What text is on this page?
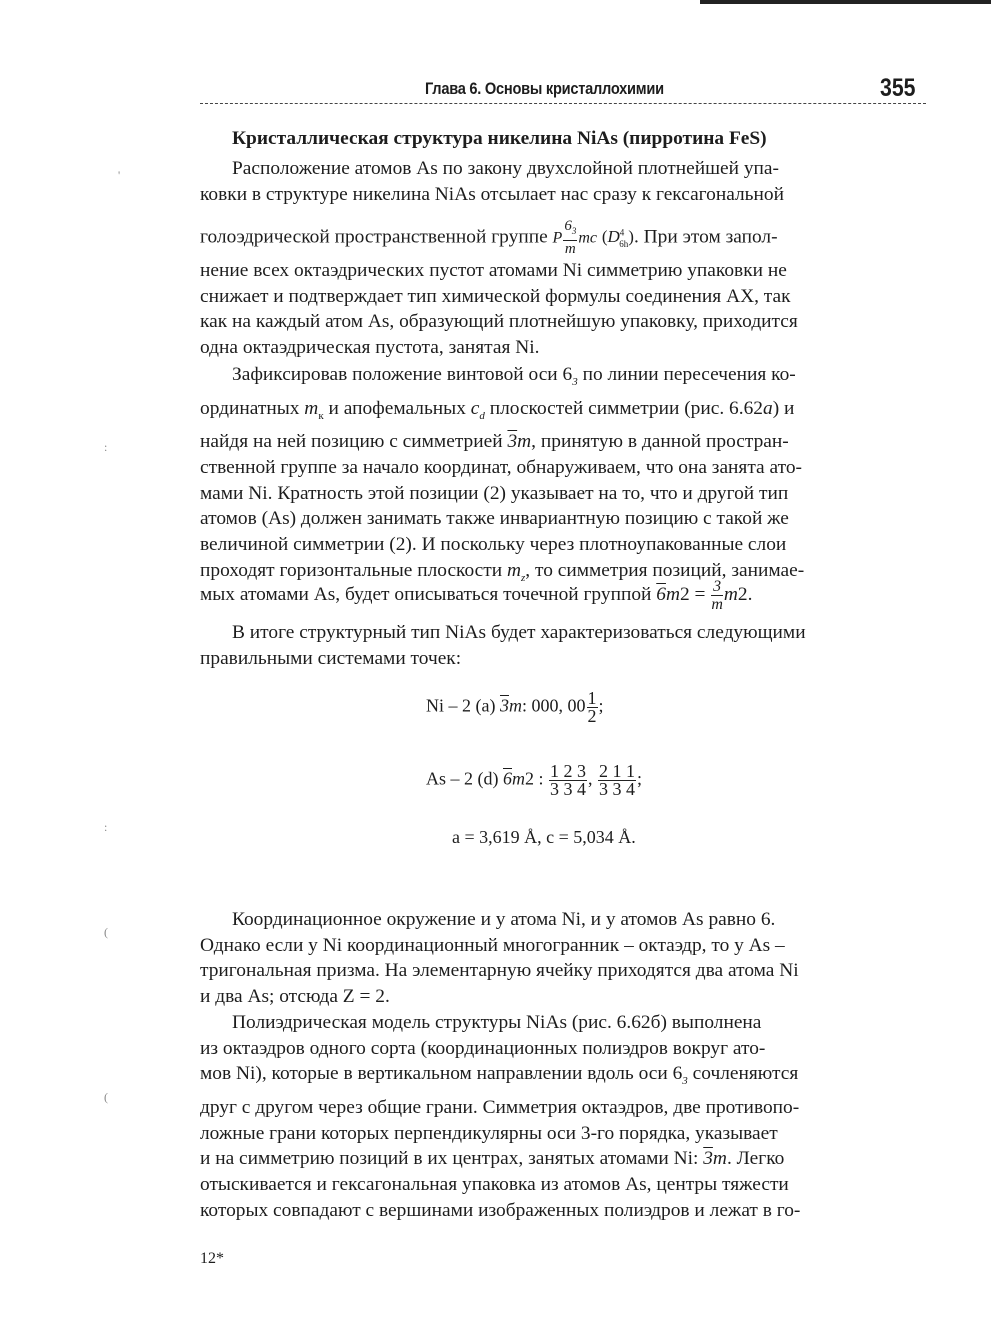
Глава 6. Основы кристаллохимии	355
'
:
:
(
(
Кристаллическая структура никелина NiAs (пирротина FeS)
Расположение атомов As по закону двухслойной плотнейшей упа-
ковки в структуре никелина NiAs отсылает нас сразу к гексагональной
голоэдрической пространственной группе P $\frac{6_3}{m}$ mc $(D^4_{6h})$. При этом запол-
нение всех октаэдрических пустот атомами Ni симметрию упаковки не
снижает и подтверждает тип химической формулы соединения AX, так
как на каждый атом As, образующий плотнейшую упаковку, приходится
одна октаэдрическая пустота, занятая Ni.
Зафиксировав положение винтовой оси $6_3$ по линии пересечения ко-
ординатных $m_к$ и апофемальных $c_d$ плоскостей симметрии (рис. 6.62а) и
найдя на ней позицию с симметрией 3m, принятую в данной простран-
ственной группе за начало координат, обнаруживаем, что она занята ато-
мами Ni. Кратность этой позиции (2) указывает на то, что и другой тип
атомов (As) должен занимать также инвариантную позицию с такой же
величиной симметрии (2). И поскольку через плотноупакованные слои
проходят горизонтальные плоскости $m_z$, то симметрия позиций, занимае-
мых атомами As, будет описываться точечной группой $6m2 = \frac{3}{m} m2$.
В итоге структурный тип NiAs будет характеризоваться следующими
правильными системами точек:
Ni – 2 (a) 3m: 000, $00 \frac{1}{2}$ ;
As – 2 (d) 6m2 : $\frac{1 2 3}{3 3 4}$ , $\frac{2 1 1}{3 3 4}$ ;
a = 3,619 Å, c = 5,034 Å.
Координационное окружение и у атома Ni, и у атомов As равно 6.
Однако если у Ni координационный многогранник – октаэдр, то у As –
тригональная призма. На элементарную ячейку приходятся два атома Ni
и два As; отсюда Z = 2.
Полиэдрическая модель структуры NiAs (рис. 6.62б) выполнена
из октаэдров одного сорта (координационных полиэдров вокруг ато-
мов Ni), которые в вертикальном направлении вдоль оси $6_3$ сочленяются
друг с другом через общие грани. Симметрия октаэдров, две противопо-
ложные грани которых перпендикулярны оси 3-го порядка, указывает
и на симметрию позиций в их центрах, занятых атомами Ni: 3m. Легко
отыскивается и гексагональная упаковка из атомов As, центры тяжести
которых совпадают с вершинами изображенных полиэдров и лежат в го-
12*
